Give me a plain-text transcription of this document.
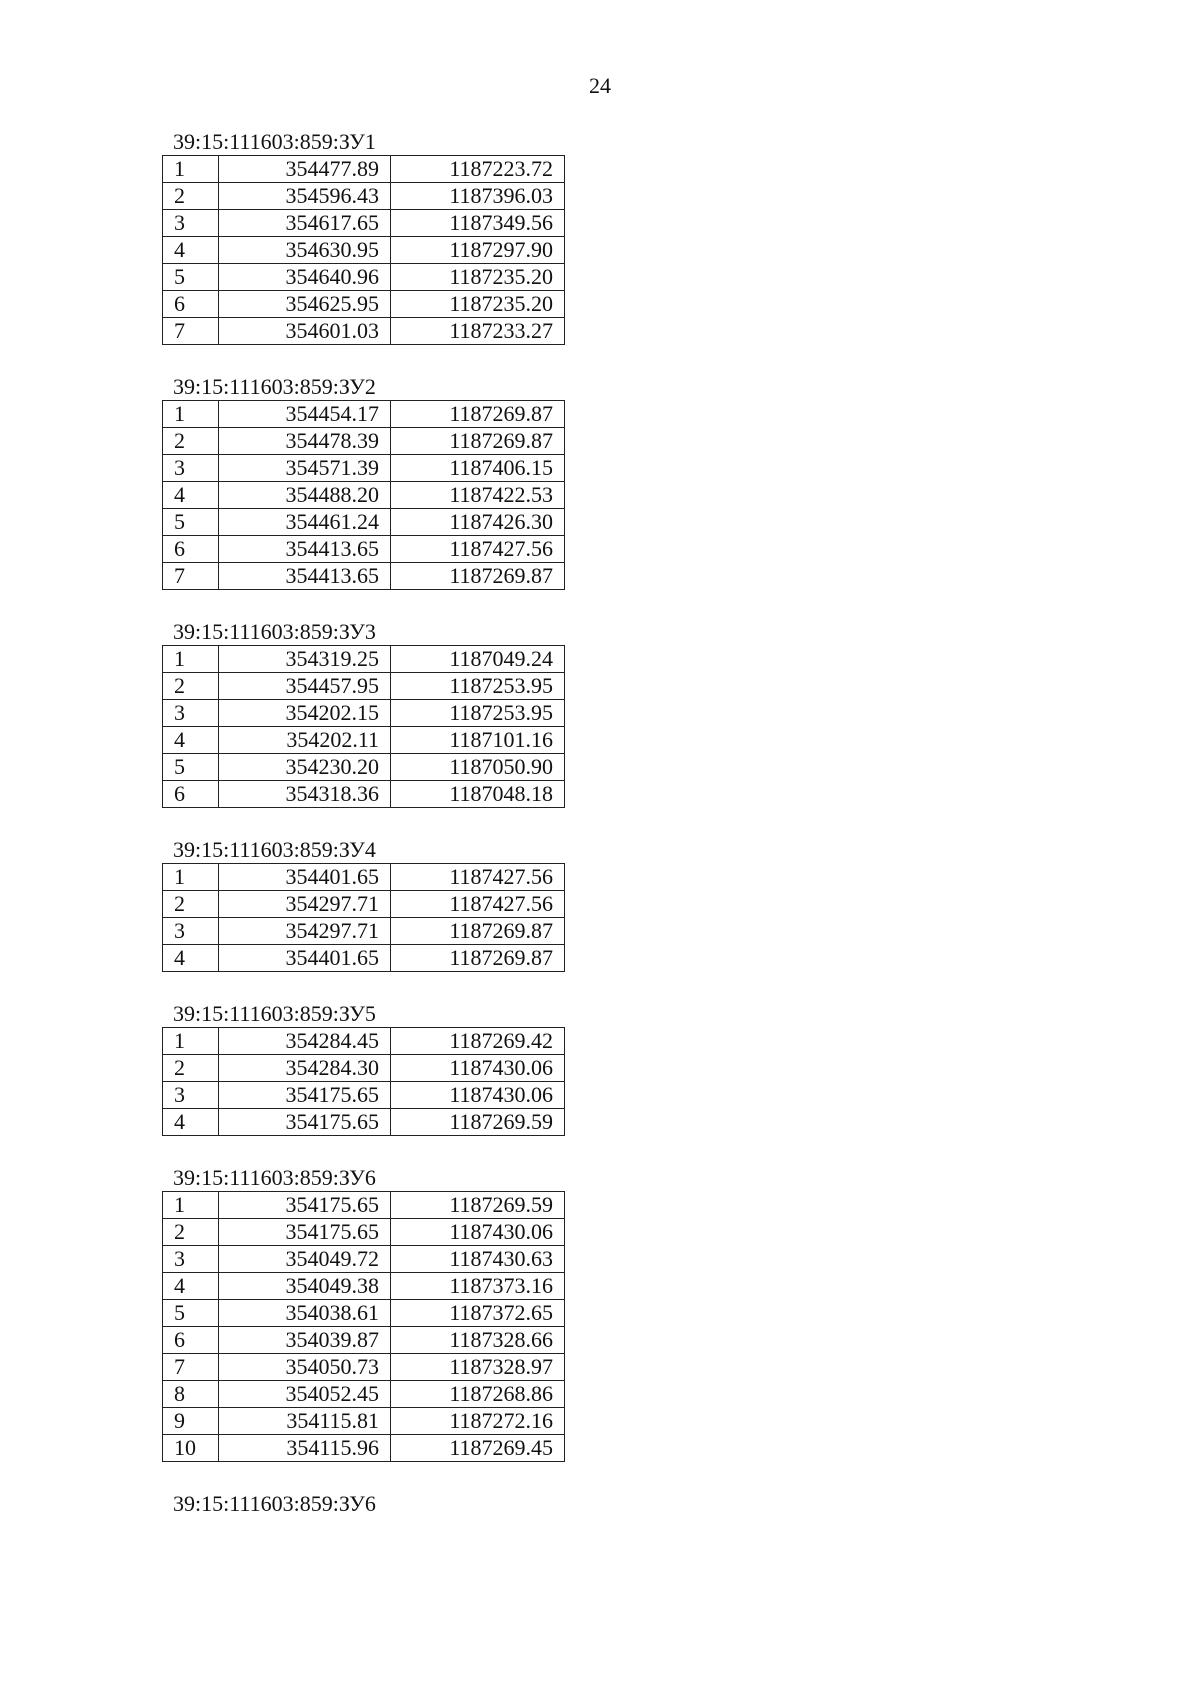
24
39:15:111603:859:ЗУ1
1	354477.89	1187223.72
2	354596.43	1187396.03
3	354617.65	1187349.56
4	354630.95	1187297.90
5	354640.96	1187235.20
6	354625.95	1187235.20
7	354601.03	1187233.27
39:15:111603:859:ЗУ2
1	354454.17	1187269.87
2	354478.39	1187269.87
3	354571.39	1187406.15
4	354488.20	1187422.53
5	354461.24	1187426.30
6	354413.65	1187427.56
7	354413.65	1187269.87
39:15:111603:859:ЗУ3
1	354319.25	1187049.24
2	354457.95	1187253.95
3	354202.15	1187253.95
4	354202.11	1187101.16
5	354230.20	1187050.90
6	354318.36	1187048.18
39:15:111603:859:ЗУ4
1	354401.65	1187427.56
2	354297.71	1187427.56
3	354297.71	1187269.87
4	354401.65	1187269.87
39:15:111603:859:ЗУ5
1	354284.45	1187269.42
2	354284.30	1187430.06
3	354175.65	1187430.06
4	354175.65	1187269.59
39:15:111603:859:ЗУ6
1	354175.65	1187269.59
2	354175.65	1187430.06
3	354049.72	1187430.63
4	354049.38	1187373.16
5	354038.61	1187372.65
6	354039.87	1187328.66
7	354050.73	1187328.97
8	354052.45	1187268.86
9	354115.81	1187272.16
10	354115.96	1187269.45
39:15:111603:859:ЗУ6
